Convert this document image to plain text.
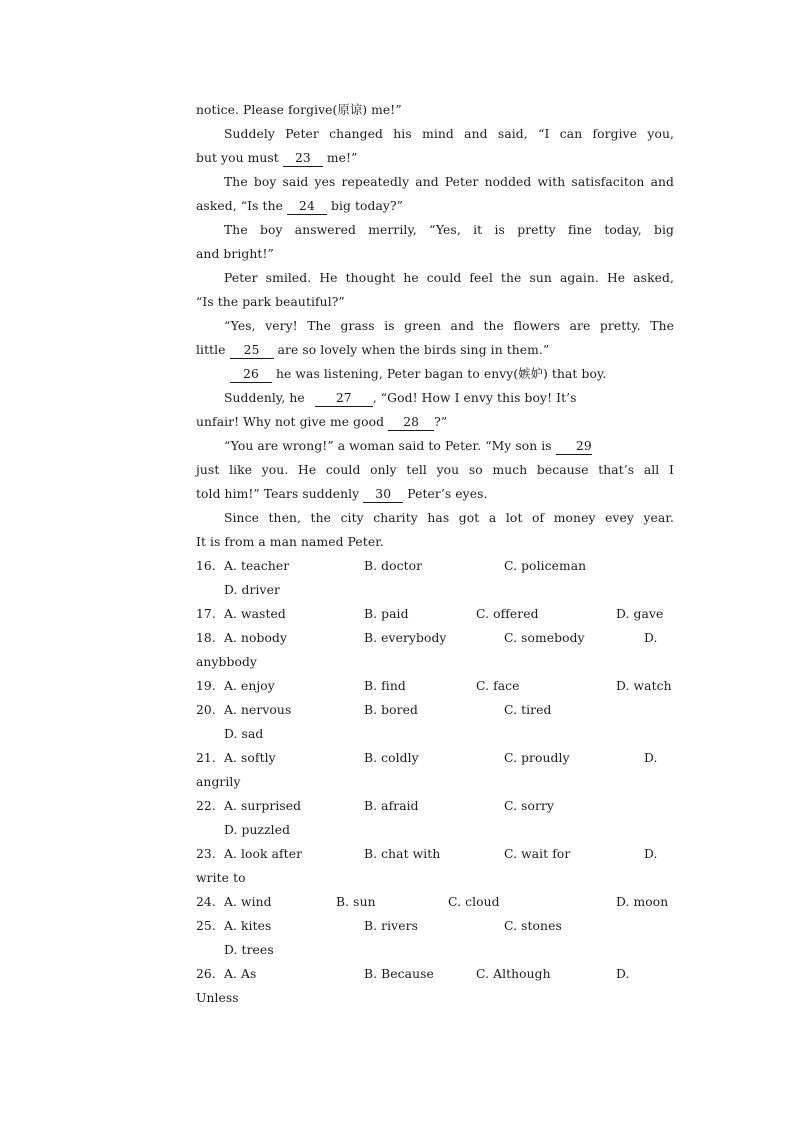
notice. Please forgive(原谅) me!”
Suddely Peter changed his mind and said, “I can forgive you,
but you must 23 me!”
The boy said yes repeatedly and Peter nodded with satisfaciton and
asked, “Is the 24 big today?”
The boy answered merrily, “Yes, it is pretty fine today, big
and bright!”
Peter smiled. He thought he could feel the sun again. He asked,
“Is the park beautiful?”
“Yes, very! The grass is green and the flowers are pretty. The
little 25 are so lovely when the birds sing in them.”
26 he was listening, Peter bagan to envy(嫉妒) that boy.
Suddenly, he	27 , “God! How I envy this boy! It’s
unfair! Why not give me good 28 ?”
“You are wrong!” a woman said to Peter. “My son is 29
just like you. He could only tell you so much because that’s all I
told him!” Tears suddenly 30 Peter’s eyes.
Since then, the city charity has got a lot of money evey year.
It is from a man named Peter.
16. A. teacher	B. doctor	C. policeman
D. driver
17. A. wasted	B. paid	C. offered	D. gave
18. A. nobody	B. everybody	C. somebody	D.
anybbody
19. A. enjoy	B. find	C. face	D. watch
20. A. nervous	B. bored	C. tired
D. sad
21. A. softly	B. coldly	C. proudly	D.
angrily
22. A. surprised	B. afraid	C. sorry
D. puzzled
23. A. look after	B. chat with	C. wait for	D.
write to
24. A. wind	B. sun	C. cloud	D. moon
25. A. kites	B. rivers	C. stones
D. trees
26. A. As	B. Because	C. Although	D.
Unless
